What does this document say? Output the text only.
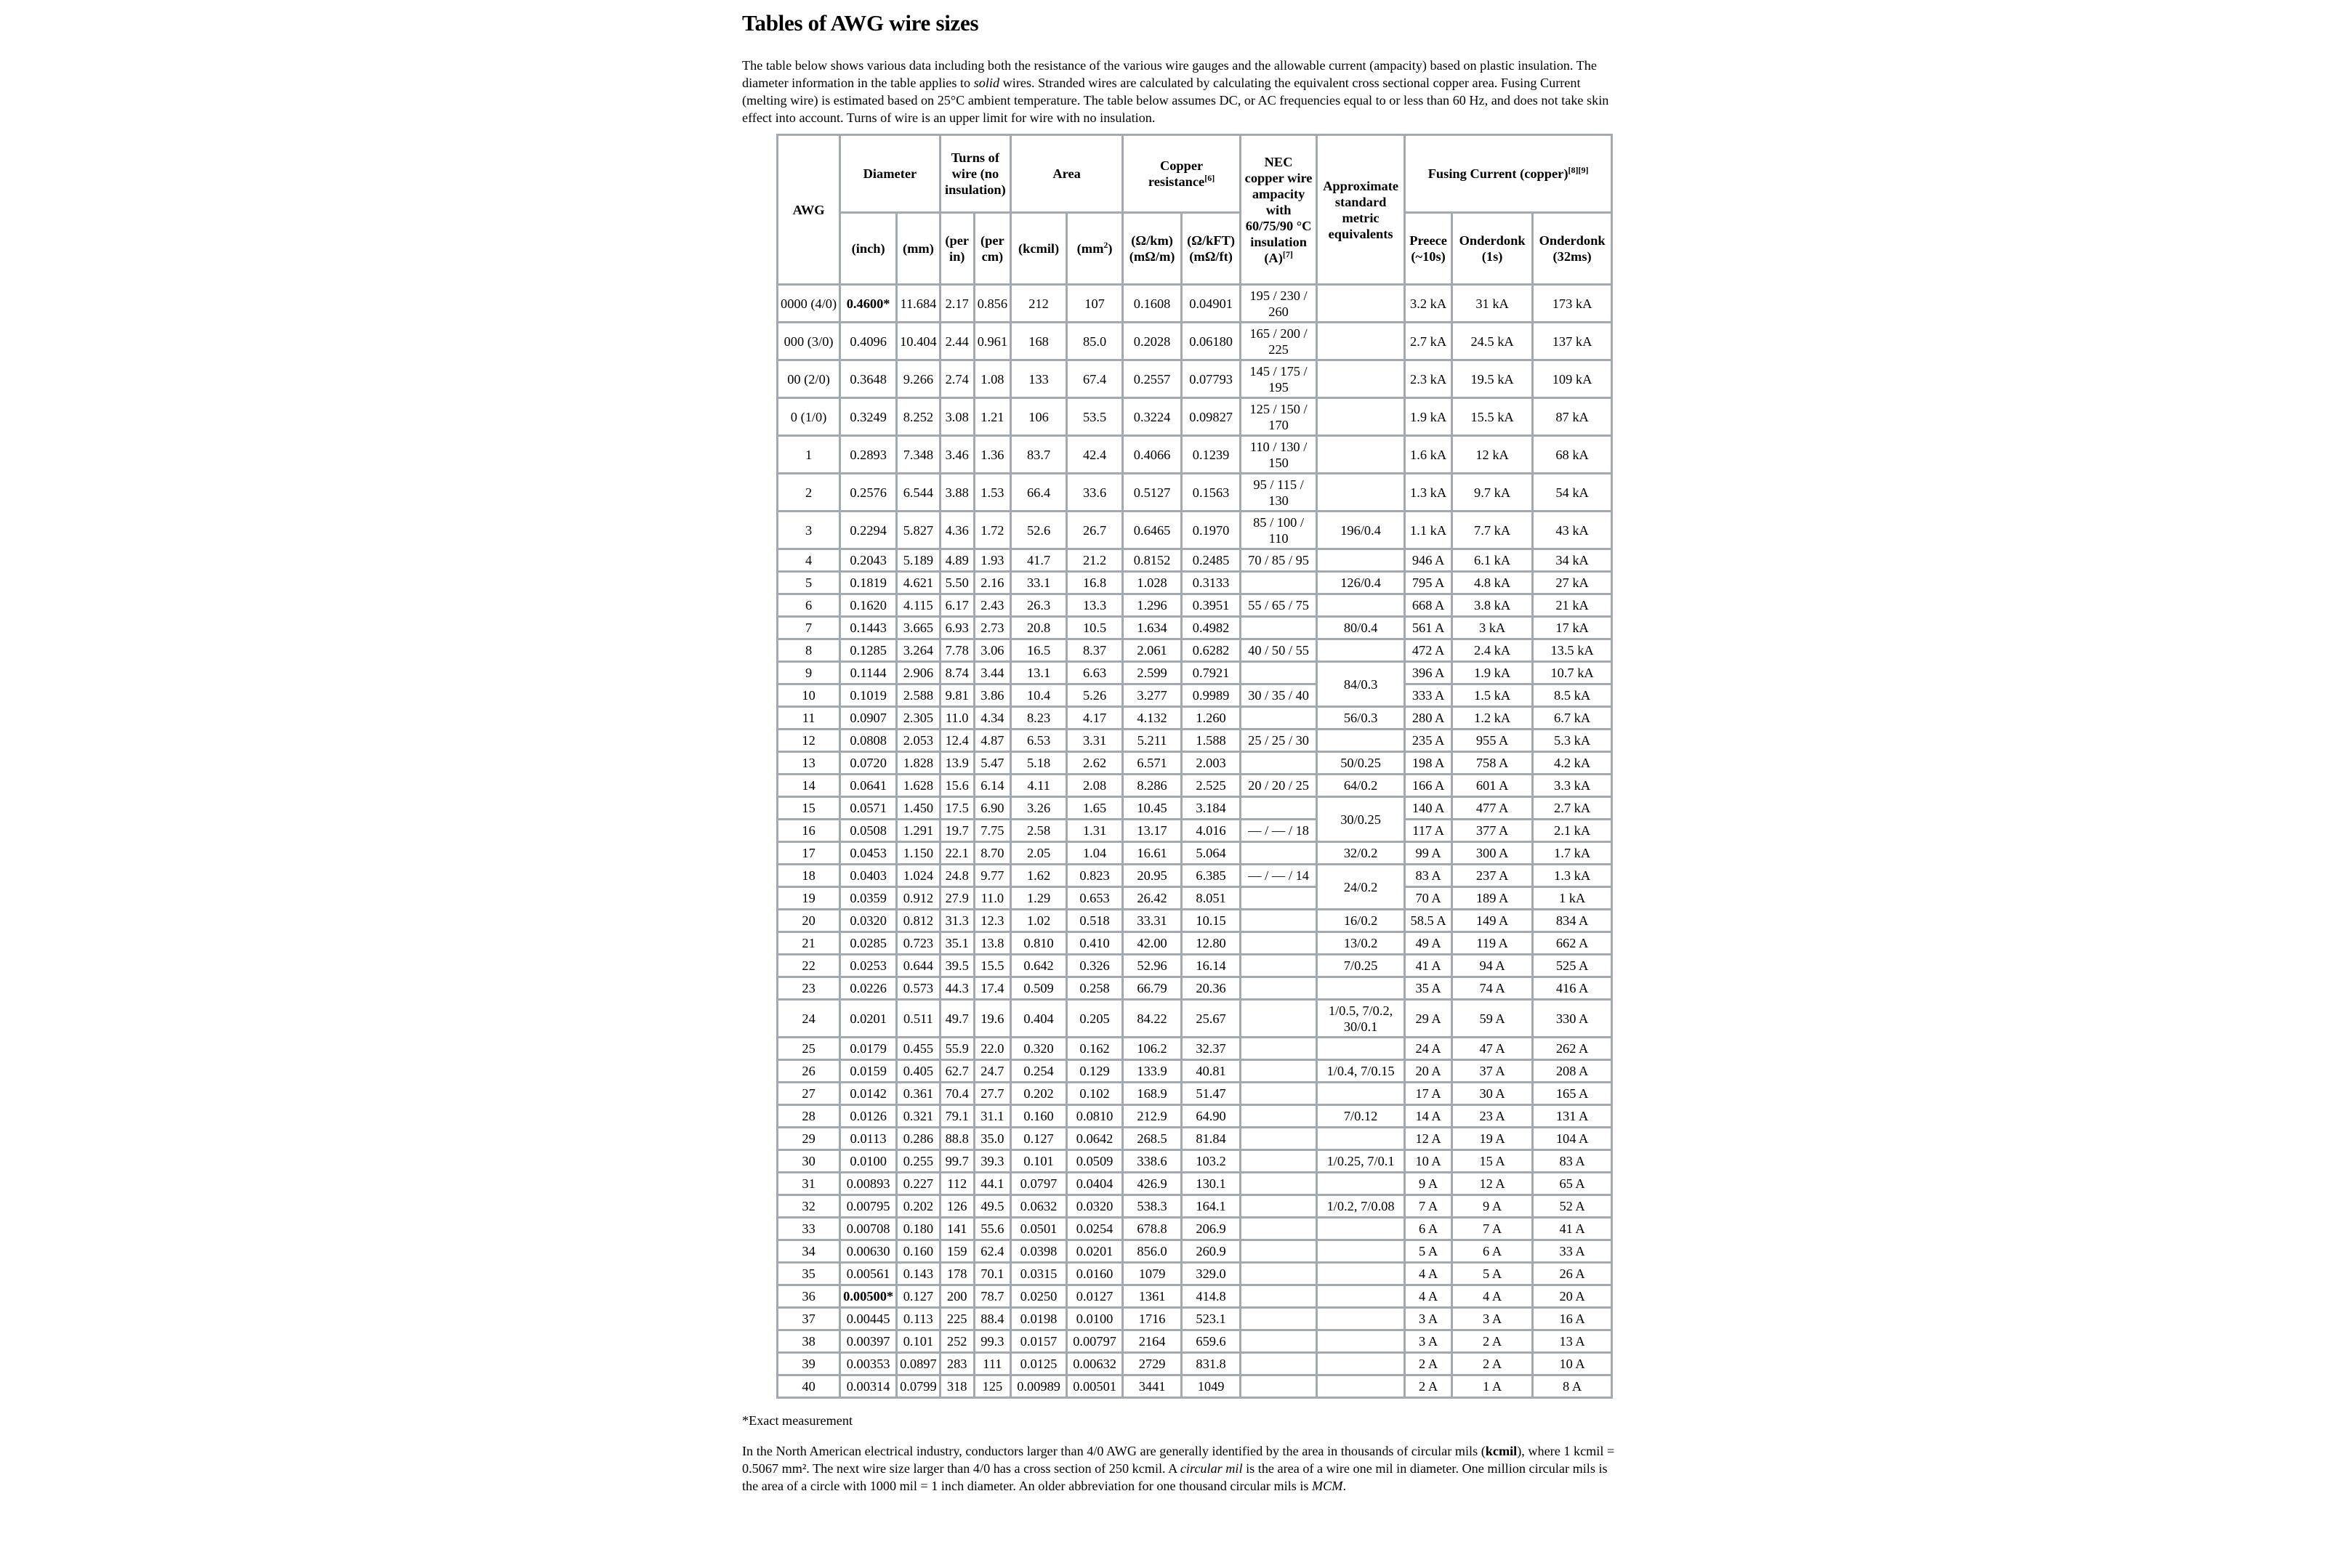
Tables of AWG wire sizes

The table below shows various data including both the resistance of the various wire gauges and the allowable current (ampacity) based on plastic insulation. The diameter information in the table applies to solid wires. Stranded wires are calculated by calculating the equivalent cross sectional copper area. Fusing Current (melting wire) is estimated based on 25°C ambient temperature. The table below assumes DC, or AC frequencies equal to or less than 60 Hz, and does not take skin effect into account. Turns of wire is an upper limit for wire with no insulation.

AWG	Diameter		Turns of wire (no insulation)		Area		Copper resistance[6]		NEC copper wire ampacity with 60/75/90 °C insulation (A)[7]	Approximate standard metric equivalents	Fusing Current (copper)[8][9]
	(inch)	(mm)	(per in)	(per cm)	(kcmil)	$(mm^2)$	(Ω/km) (mΩ/m)	(Ω/kFT) (mΩ/ft)			Preece (~10s)	Onderdonk (1s)	Onderdonk (32ms)
0000 (4/0)	0.4600*	11.684	2.17	0.856	212	107	0.1608	0.04901	195 / 230 / 260		3.2 kA	31 kA	173 kA
000 (3/0)	0.4096	10.404	2.44	0.961	168	85.0	0.2028	0.06180	165 / 200 / 225		2.7 kA	24.5 kA	137 kA
00 (2/0)	0.3648	9.266	2.74	1.08	133	67.4	0.2557	0.07793	145 / 175 / 195		2.3 kA	19.5 kA	109 kA
0 (1/0)	0.3249	8.252	3.08	1.21	106	53.5	0.3224	0.09827	125 / 150 / 170		1.9 kA	15.5 kA	87 kA
1	0.2893	7.348	3.46	1.36	83.7	42.4	0.4066	0.1239	110 / 130 / 150		1.6 kA	12 kA	68 kA
2	0.2576	6.544	3.88	1.53	66.4	33.6	0.5127	0.1563	95 / 115 / 130		1.3 kA	9.7 kA	54 kA
3	0.2294	5.827	4.36	1.72	52.6	26.7	0.6465	0.1970	85 / 100 / 110	196/0.4	1.1 kA	7.7 kA	43 kA
4	0.2043	5.189	4.89	1.93	41.7	21.2	0.8152	0.2485	70 / 85 / 95		946 A	6.1 kA	34 kA
5	0.1819	4.621	5.50	2.16	33.1	16.8	1.028	0.3133		126/0.4	795 A	4.8 kA	27 kA
6	0.1620	4.115	6.17	2.43	26.3	13.3	1.296	0.3951	55 / 65 / 75		668 A	3.8 kA	21 kA
7	0.1443	3.665	6.93	2.73	20.8	10.5	1.634	0.4982		80/0.4	561 A	3 kA	17 kA
8	0.1285	3.264	7.78	3.06	16.5	8.37	2.061	0.6282	40 / 50 / 55		472 A	2.4 kA	13.5 kA
9	0.1144	2.906	8.74	3.44	13.1	6.63	2.599	0.7921		84/0.3	396 A	1.9 kA	10.7 kA
10	0.1019	2.588	9.81	3.86	10.4	5.26	3.277	0.9989	30 / 35 / 40		333 A	1.5 kA	8.5 kA
11	0.0907	2.305	11.0	4.34	8.23	4.17	4.132	1.260		56/0.3	280 A	1.2 kA	6.7 kA
12	0.0808	2.053	12.4	4.87	6.53	3.31	5.211	1.588	25 / 25 / 30		235 A	955 A	5.3 kA
13	0.0720	1.828	13.9	5.47	5.18	2.62	6.571	2.003		50/0.25	198 A	758 A	4.2 kA
14	0.0641	1.628	15.6	6.14	4.11	2.08	8.286	2.525	20 / 20 / 25	64/0.2	166 A	601 A	3.3 kA
15	0.0571	1.450	17.5	6.90	3.26	1.65	10.45	3.184		30/0.25	140 A	477 A	2.7 kA
16	0.0508	1.291	19.7	7.75	2.58	1.31	13.17	4.016	— / — / 18		117 A	377 A	2.1 kA
17	0.0453	1.150	22.1	8.70	2.05	1.04	16.61	5.064		32/0.2	99 A	300 A	1.7 kA
18	0.0403	1.024	24.8	9.77	1.62	0.823	20.95	6.385	— / — / 14	24/0.2	83 A	237 A	1.3 kA
19	0.0359	0.912	27.9	11.0	1.29	0.653	26.42	8.051			70 A	189 A	1 kA
20	0.0320	0.812	31.3	12.3	1.02	0.518	33.31	10.15		16/0.2	58.5 A	149 A	834 A
21	0.0285	0.723	35.1	13.8	0.810	0.410	42.00	12.80		13/0.2	49 A	119 A	662 A
22	0.0253	0.644	39.5	15.5	0.642	0.326	52.96	16.14		7/0.25	41 A	94 A	525 A
23	0.0226	0.573	44.3	17.4	0.509	0.258	66.79	20.36			35 A	74 A	416 A
24	0.0201	0.511	49.7	19.6	0.404	0.205	84.22	25.67		1/0.5, 7/0.2, 30/0.1	29 A	59 A	330 A
25	0.0179	0.455	55.9	22.0	0.320	0.162	106.2	32.37			24 A	47 A	262 A
26	0.0159	0.405	62.7	24.7	0.254	0.129	133.9	40.81		1/0.4, 7/0.15	20 A	37 A	208 A
27	0.0142	0.361	70.4	27.7	0.202	0.102	168.9	51.47			17 A	30 A	165 A
28	0.0126	0.321	79.1	31.1	0.160	0.0810	212.9	64.90		7/0.12	14 A	23 A	131 A
29	0.0113	0.286	88.8	35.0	0.127	0.0642	268.5	81.84			12 A	19 A	104 A
30	0.0100	0.255	99.7	39.3	0.101	0.0509	338.6	103.2		1/0.25, 7/0.1	10 A	15 A	83 A
31	0.00893	0.227	112	44.1	0.0797	0.0404	426.9	130.1			9 A	12 A	65 A
32	0.00795	0.202	126	49.5	0.0632	0.0320	538.3	164.1		1/0.2, 7/0.08	7 A	9 A	52 A
33	0.00708	0.180	141	55.6	0.0501	0.0254	678.8	206.9			6 A	7 A	41 A
34	0.00630	0.160	159	62.4	0.0398	0.0201	856.0	260.9			5 A	6 A	33 A
35	0.00561	0.143	178	70.1	0.0315	0.0160	1079	329.0			4 A	5 A	26 A
36	0.00500*	0.127	200	78.7	0.0250	0.0127	1361	414.8			4 A	4 A	20 A
37	0.00445	0.113	225	88.4	0.0198	0.0100	1716	523.1			3 A	3 A	16 A
38	0.00397	0.101	252	99.3	0.0157	0.00797	2164	659.6			3 A	2 A	13 A
39	0.00353	0.0897	283	111	0.0125	0.00632	2729	831.8			2 A	2 A	10 A
40	0.00314	0.0799	318	125	0.00989	0.00501	3441	1049			2 A	1 A	8 A

*Exact measurement

In the North American electrical industry, conductors larger than 4/0 AWG are generally identified by the area in thousands of circular mils (kcmil), where 1 kcmil = 0.5067 mm². The next wire size larger than 4/0 has a cross section of 250 kcmil. A circular mil is the area of a wire one mil in diameter. One million circular mils is the area of a circle with 1000 mil = 1 inch diameter. An older abbreviation for one thousand circular mils is MCM.
